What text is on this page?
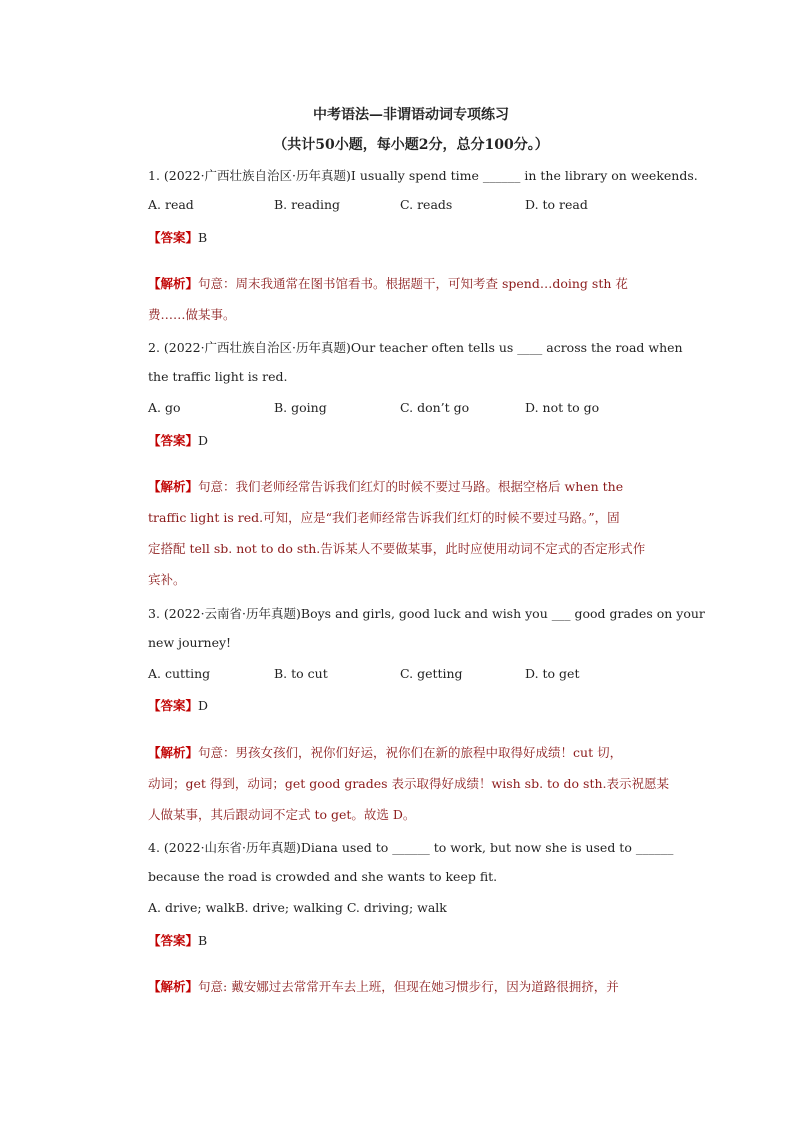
中考语法—非谓语动词专项练习
（共计50小题，每小题2分，总分100分。）
1. (2022·广西壮族自治区·历年真题)I usually spend time ______ in the library on weekends.
A. read	B. reading	C. reads	D. to read
【答案】B
【解析】句意：周末我通常在图书馆看书。根据题干，可知考查 spend…doing sth 花
费……做某事。
2. (2022·广西壮族自治区·历年真题)Our teacher often tells us ____ across the road when
the traffic light is red.
A. go	B. going	C. don’t go	D. not to go
【答案】D
【解析】句意：我们老师经常告诉我们红灯的时候不要过马路。根据空格后 when the
traffic light is red.可知，应是“我们老师经常告诉我们红灯的时候不要过马路。”，固
定搭配 tell sb. not to do sth.告诉某人不要做某事，此时应使用动词不定式的否定形式作
宾补。
3. (2022·云南省·历年真题)Boys and girls, good luck and wish you ___ good grades on your
new journey!
A. cutting	B. to cut	C. getting	D. to get
【答案】D
【解析】句意：男孩女孩们，祝你们好运，祝你们在新的旅程中取得好成绩！cut 切，
动词；get 得到，动词；get good grades 表示取得好成绩！wish sb. to do sth.表示祝愿某
人做某事，其后跟动词不定式 to get。故选 D。
4. (2022·山东省·历年真题)Diana used to ______ to work, but now she is used to ______
because the road is crowded and she wants to keep fit.
A. drive; walkB. drive; walking C. driving; walk
【答案】B
【解析】句意: 戴安娜过去常常开车去上班，但现在她习惯步行，因为道路很拥挤，并
